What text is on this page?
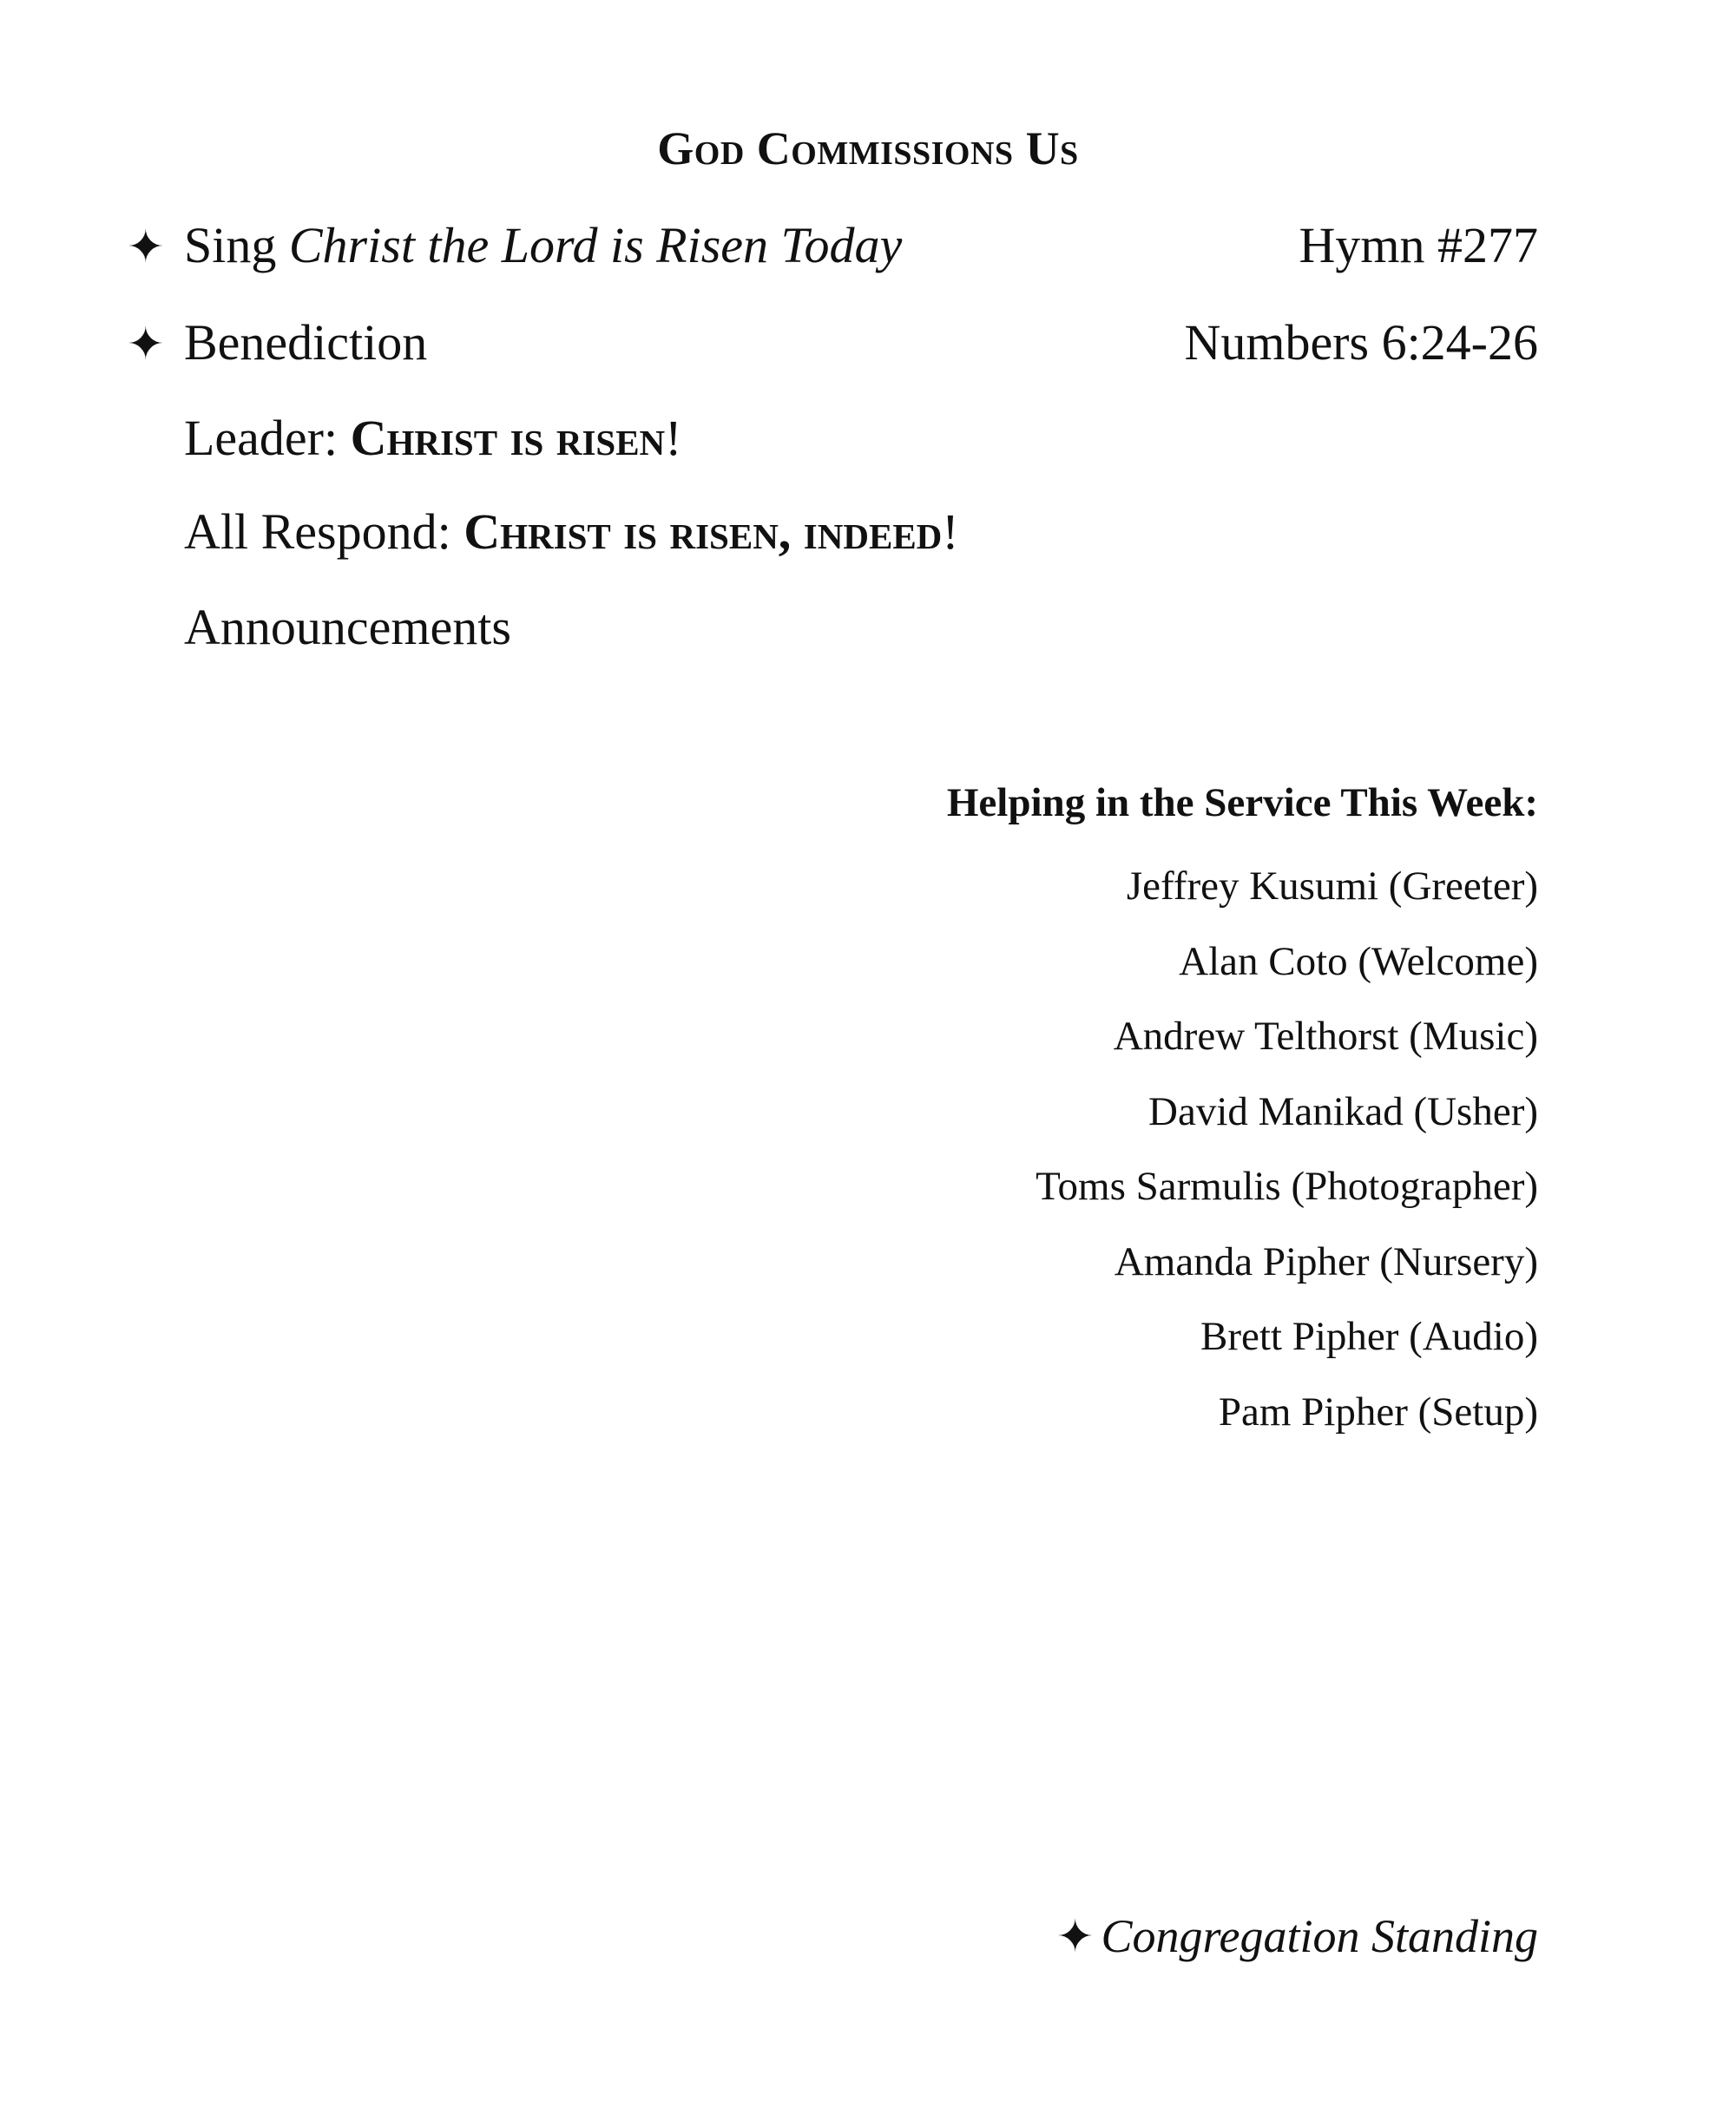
God Commissions Us
✦ Sing Christ the Lord is Risen Today	Hymn #277
✦ Benediction	Numbers 6:24-26
Leader: Christ is risen!
All Respond: Christ is risen, indeed!
Announcements
Helping in the Service This Week:
Jeffrey Kusumi (Greeter)
Alan Coto (Welcome)
Andrew Telthorst (Music)
David Manikad (Usher)
Toms Sarmulis (Photographer)
Amanda Pipher (Nursery)
Brett Pipher (Audio)
Pam Pipher (Setup)
✦ Congregation Standing
